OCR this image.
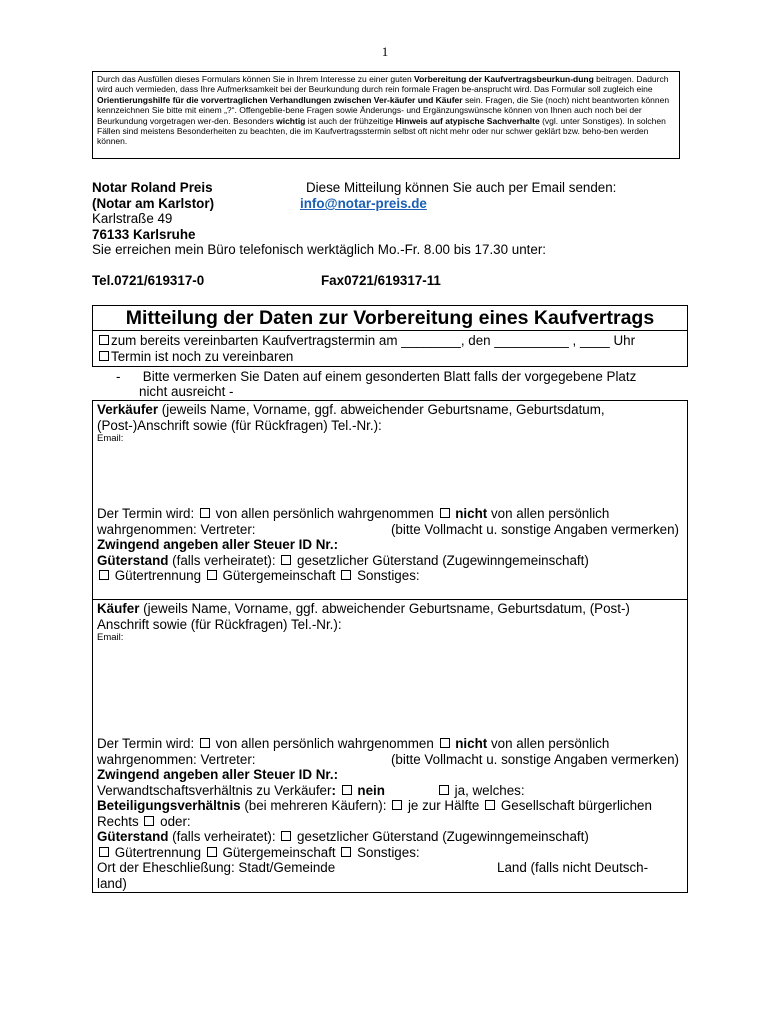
1
Durch das Ausfüllen dieses Formulars können Sie in Ihrem Interesse zu einer guten Vorbereitung der Kaufvertragsbeurkun-dung beitragen. Dadurch wird auch vermieden, dass Ihre Aufmerksamkeit bei der Beurkundung durch rein formale Fragen be-ansprucht wird. Das Formular soll zugleich eine Orientierungshilfe für die vorvertraglichen Verhandlungen zwischen Ver-käufer und Käufer sein. Fragen, die Sie (noch) nicht beantworten können kennzeichnen Sie bitte mit einem „?“. Offengeblie-bene Fragen sowie Änderungs- und Ergänzungswünsche können von Ihnen auch noch bei der Beurkundung vorgetragen wer-den. Besonders wichtig ist auch der frühzeitige Hinweis auf atypische Sachverhalte (vgl. unter Sonstiges). In solchen Fällen sind meistens Besonderheiten zu beachten, die im Kaufvertragsstermin selbst oft nicht mehr oder nur schwer geklärt bzw. beho-ben werden können.
Notar Roland Preis	Diese Mitteilung können Sie auch per Email senden:
(Notar am Karlstor)	info@notar-preis.de
Karlstraße 49
76133 Karlsruhe
Sie erreichen mein Büro telefonisch werktäglich Mo.-Fr. 8.00 bis 17.30 unter:
Tel.0721/619317-0	Fax0721/619317-11
Mitteilung der Daten zur Vorbereitung eines Kaufvertrags
zum bereits vereinbarten Kaufvertragstermin am ________, den __________ , ____ Uhr
Termin ist noch zu vereinbaren
-      Bitte vermerken Sie Daten auf einem gesonderten Blatt falls der vorgegebene Platz
nicht ausreicht -
Verkäufer (jeweils Name, Vorname, ggf. abweichender Geburtsname, Geburtsdatum,
(Post-)Anschrift sowie (für Rückfragen) Tel.-Nr.):
Email:
Der Termin wird:  von allen persönlich wahrgenommen  nicht von allen persönlich
wahrgenommen: Vertreter:	(bitte Vollmacht u. sonstige Angaben vermerken)
Zwingend angeben aller Steuer ID Nr.:
Güterstand (falls verheiratet):  gesetzlicher Güterstand (Zugewinngemeinschaft)
Gütertrennung  Gütergemeinschaft  Sonstiges:
Käufer (jeweils Name, Vorname, ggf. abweichender Geburtsname, Geburtsdatum, (Post-)
Anschrift sowie (für Rückfragen) Tel.-Nr.):
Email:
Der Termin wird:  von allen persönlich wahrgenommen  nicht von allen persönlich
wahrgenommen: Vertreter:	(bitte Vollmacht u. sonstige Angaben vermerken)
Zwingend angeben aller Steuer ID Nr.:
Verwandtschaftsverhältnis zu Verkäufer:  nein	ja, welches:
Beteiligungsverhältnis (bei mehreren Käufern):  je zur Hälfte  Gesellschaft bürgerlichen
Rechts  oder:
Güterstand (falls verheiratet):  gesetzlicher Güterstand (Zugewinngemeinschaft)
Gütertrennung  Gütergemeinschaft  Sonstiges:
Ort der Eheschließung: Stadt/Gemeinde	Land (falls nicht Deutsch-
land)
